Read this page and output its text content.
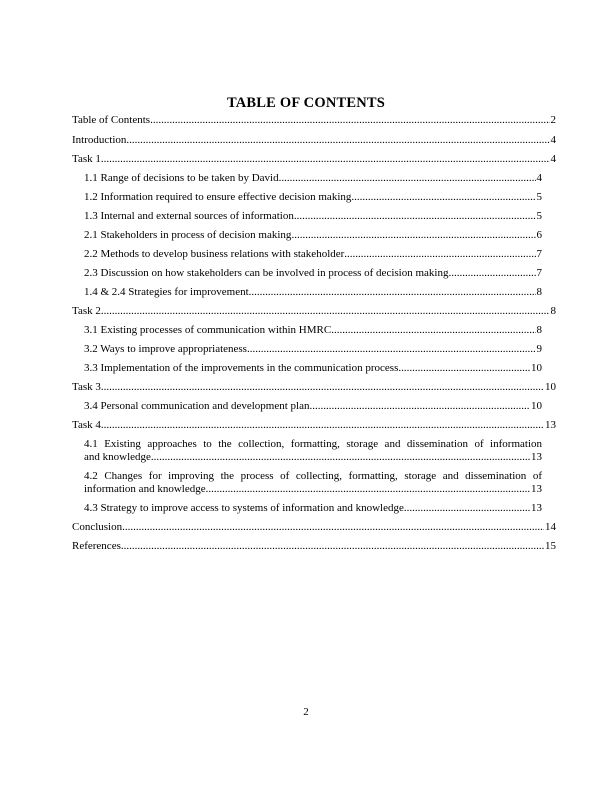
TABLE OF CONTENTS
Table of Contents .....	2
Introduction .....	4
Task 1 .....	4
1.1 Range of decisions to be taken by David .....	4
1.2 Information required to ensure effective decision making .....	5
1.3 Internal and external sources of information .....	5
2.1 Stakeholders in process of decision making .....	6
2.2 Methods to develop business relations with stakeholder .....	7
2.3 Discussion on how stakeholders can be involved in process of decision making .....	7
1.4 & 2.4 Strategies for improvement .....	8
Task 2 .....	8
3.1 Existing processes of communication within HMRC .....	8
3.2 Ways to improve appropriateness .....	9
3.3 Implementation of the improvements in the communication process .....	10
Task 3 .....	10
3.4 Personal communication and development plan .....	10
Task 4 .....	13
4.1 Existing approaches to the collection, formatting, storage and dissemination of information
and knowledge .....	13
4.2 Changes for improving the process of collecting, formatting, storage and dissemination of
information and knowledge .....	13
4.3 Strategy to improve access to systems of information and knowledge .....	13
Conclusion .....	14
References .....	15
2
